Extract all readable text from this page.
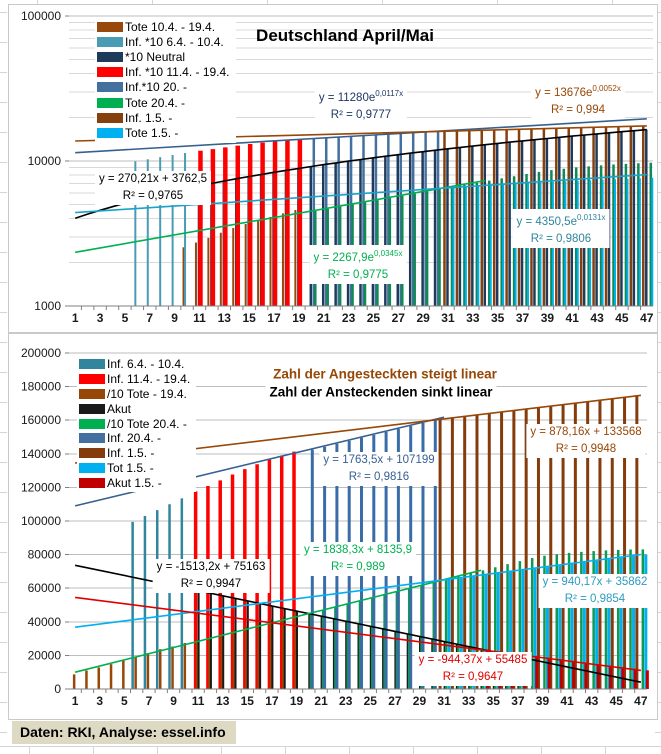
1000
10000
100000
1 3 5 7 9 11 13 15 17 19 21 23 25 27 29 31 33 35 37 39 41 43 45 47
Deutschland April/Mai
Tote 10.4. - 19.4.
Inf. *10 6.4. - 10.4.
*10 Neutral
Inf. *10 11.4. - 19.4.
Inf.*10 20. -
Tote 20.4. -
Inf. 1.5. -
Tote 1.5. -
y = 270,21x + 3762,5
R² = 0,9765
$y = 11280e^{0,0117x}$
R² = 0,9777
$y = 13676e^{0,0052x}$
R² = 0,994
$y = 2267,9e^{0,0345x}$
R² = 0,9775
$y = 4350,5e^{0,0131x}$
R² = 0,9806
0
20000
40000
60000
80000
100000
120000
140000
160000
180000
200000
1 3 5 7 9 11 13 15 17 19 21 23 25 27 29 31 33 35 37 39 41 43 45 47
Zahl der Angesteckten steigt linear
Zahl der Ansteckenden sinkt linear
Inf. 6.4. - 10.4.
Inf. 11.4. - 19.4.
/10 Tote - 19.4.
Akut
/10 Tote 20.4. -
Inf. 20.4. -
Inf. 1.5. -
Tot 1.5. -
Akut 1.5. -
y = 1763,5x + 107199
R² = 0,9816
y = 878,16x + 133568
R² = 0,9948
y = -1513,2x + 75163
R² = 0,9947
y = 1838,3x + 8135,9
R² = 0,989
y = 940,17x + 35862
R² = 0,9854
y = -944,37x + 55485
R² = 0,9647
Daten: RKI, Analyse: essel.info
